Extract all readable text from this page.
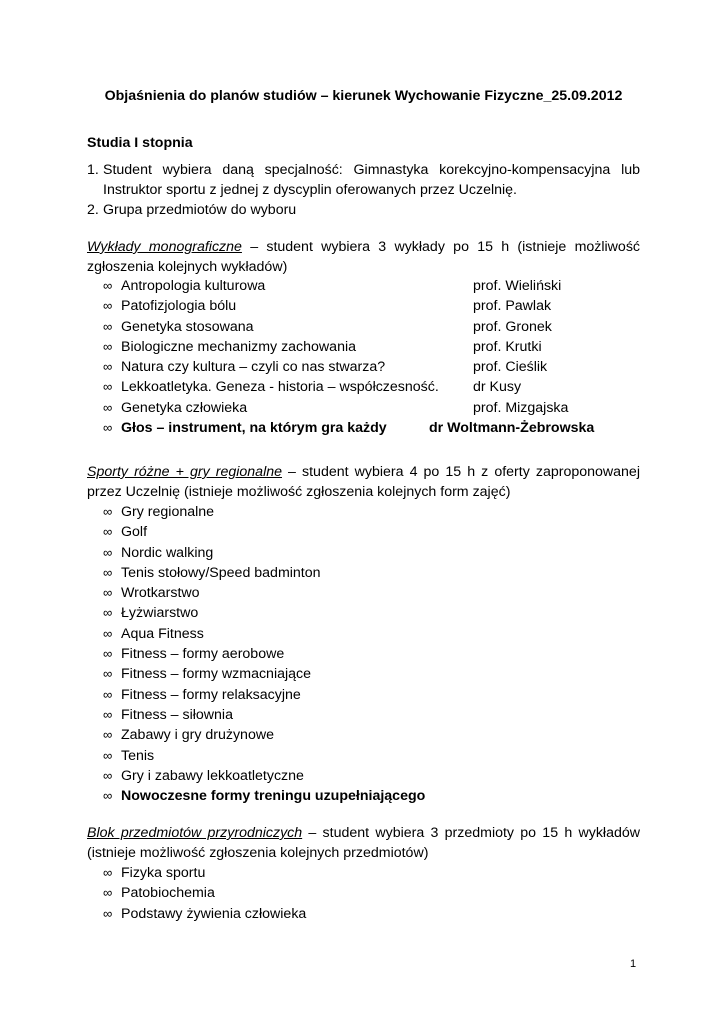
Objaśnienia do planów studiów – kierunek Wychowanie Fizyczne_25.09.2012
Studia I stopnia
1. Student wybiera daną specjalność: Gimnastyka korekcyjno-kompensacyjna lub Instruktor sportu z jednej z dyscyplin oferowanych przez Uczelnię.
2. Grupa przedmiotów do wyboru
Wykłady monograficzne – student wybiera 3 wykłady po 15 h (istnieje możliwość zgłoszenia kolejnych wykładów)
∞ Antropologia kulturowa	prof. Wieliński
∞ Patofizjologia bólu	prof. Pawlak
∞ Genetyka stosowana	prof. Gronek
∞ Biologiczne mechanizmy zachowania	prof. Krutki
∞ Natura czy kultura – czyli co nas stwarza?	prof. Cieślik
∞ Lekkoatletyka. Geneza - historia – współczesność. dr Kusy
∞ Genetyka człowieka	prof. Mizgajska
∞ Głos – instrument, na którym gra każdy	dr Woltmann-Żebrowska
Sporty różne + gry regionalne – student wybiera 4 po 15 h z oferty zaproponowanej przez Uczelnię (istnieje możliwość zgłoszenia kolejnych form zajęć)
∞ Gry regionalne
∞ Golf
∞ Nordic walking
∞ Tenis stołowy/Speed badminton
∞ Wrotkarstwo
∞ Łyżwiarstwo
∞ Aqua Fitness
∞ Fitness – formy aerobowe
∞ Fitness – formy wzmacniające
∞ Fitness – formy relaksacyjne
∞ Fitness – siłownia
∞ Zabawy i gry drużynowe
∞ Tenis
∞ Gry i zabawy lekkoatletyczne
∞ Nowoczesne formy treningu uzupełniającego
Blok przedmiotów przyrodniczych – student wybiera 3 przedmioty po 15 h wykładów (istnieje możliwość zgłoszenia kolejnych przedmiotów)
∞ Fizyka sportu
∞ Patobiochemia
∞ Podstawy żywienia człowieka
1
